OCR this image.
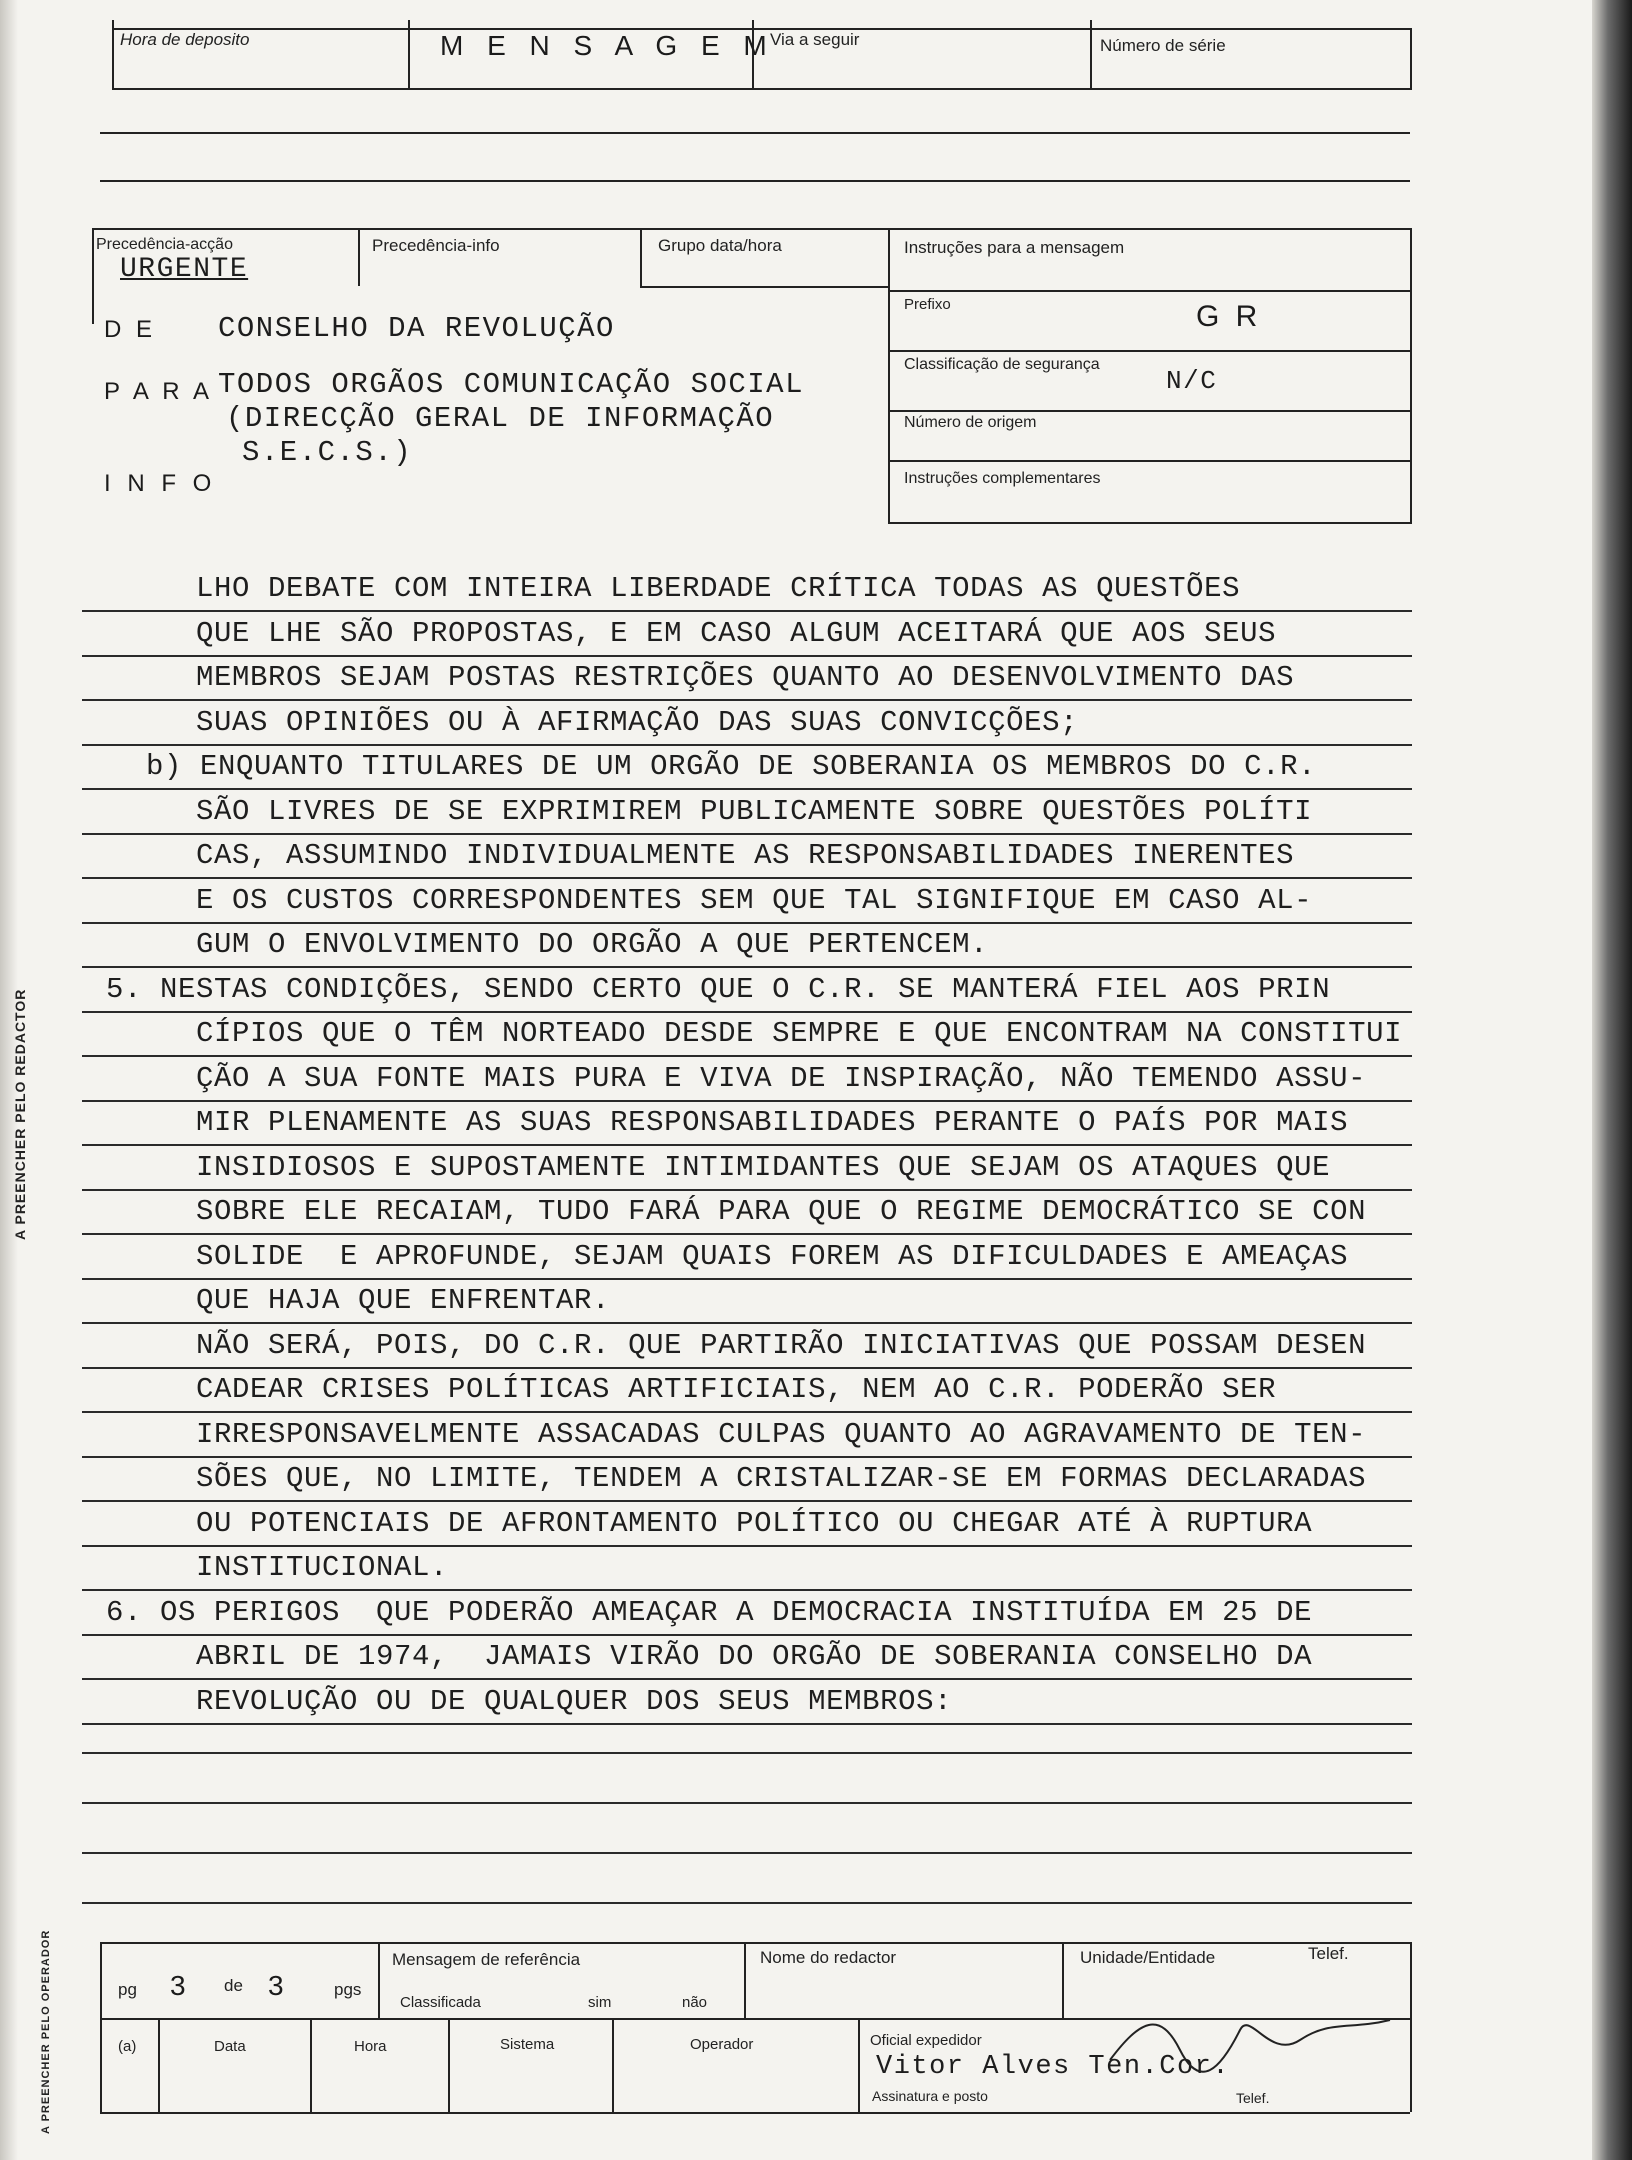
Hora de deposito	M E N S A G E M
Via a seguir	Número de série
Precedência-acção
URGENTE
Precedência-info	Grupo data/hora	Instruções para a mensagem
Prefixo	G R
Classificação de segurança
N/C
Número de origem
Instruções complementares
D E CONSELHO DA REVOLUÇÃO
P A R A TODOS ORGÃOS COMUNICAÇÃO SOCIAL
(DIRECÇÃO GERAL DE INFORMAÇÃO
S.E.C.S.)
I N F O
LHO DEBATE COM INTEIRA LIBERDADE CRÍTICA TODAS AS QUESTÕES
QUE LHE SÃO PROPOSTAS, E EM CASO ALGUM ACEITARÁ QUE AOS SEUS
MEMBROS SEJAM POSTAS RESTRIÇÕES QUANTO AO DESENVOLVIMENTO DAS
SUAS OPINIÕES OU À AFIRMAÇÃO DAS SUAS CONVICÇÕES;
b) ENQUANTO TITULARES DE UM ORGÃO DE SOBERANIA OS MEMBROS DO C.R.
SÃO LIVRES DE SE EXPRIMIREM PUBLICAMENTE SOBRE QUESTÕES POLÍTI
CAS, ASSUMINDO INDIVIDUALMENTE AS RESPONSABILIDADES INERENTES
E OS CUSTOS CORRESPONDENTES SEM QUE TAL SIGNIFIQUE EM CASO AL-
GUM O ENVOLVIMENTO DO ORGÃO A QUE PERTENCEM.
5. NESTAS CONDIÇÕES, SENDO CERTO QUE O C.R. SE MANTERÁ FIEL AOS PRIN
CÍPIOS QUE O TÊM NORTEADO DESDE SEMPRE E QUE ENCONTRAM NA CONSTITUI
ÇÃO A SUA FONTE MAIS PURA E VIVA DE INSPIRAÇÃO, NÃO TEMENDO ASSU-
MIR PLENAMENTE AS SUAS RESPONSABILIDADES PERANTE O PAÍS POR MAIS
INSIDIOSOS E SUPOSTAMENTE INTIMIDANTES QUE SEJAM OS ATAQUES QUE
SOBRE ELE RECAIAM, TUDO FARÁ PARA QUE O REGIME DEMOCRÁTICO SE CON
SOLIDE  E APROFUNDE, SEJAM QUAIS FOREM AS DIFICULDADES E AMEAÇAS
QUE HAJA QUE ENFRENTAR.
NÃO SERÁ, POIS, DO C.R. QUE PARTIRÃO INICIATIVAS QUE POSSAM DESEN
CADEAR CRISES POLÍTICAS ARTIFICIAIS, NEM AO C.R. PODERÃO SER
IRRESPONSAVELMENTE ASSACADAS CULPAS QUANTO AO AGRAVAMENTO DE TEN-
SÕES QUE, NO LIMITE, TENDEM A CRISTALIZAR-SE EM FORMAS DECLARADAS
OU POTENCIAIS DE AFRONTAMENTO POLÍTICO OU CHEGAR ATÉ À RUPTURA
INSTITUCIONAL.
6. OS PERIGOS  QUE PODERÃO AMEAÇAR A DEMOCRACIA INSTITUÍDA EM 25 DE
ABRIL DE 1974,  JAMAIS VIRÃO DO ORGÃO DE SOBERANIA CONSELHO DA
REVOLUÇÃO OU DE QUALQUER DOS SEUS MEMBROS:
pg 3 de 3	pgs
Mensagem de referência
Classificada	sim	não
Nome do redactor	Unidade/Entidade	Telef.
(a)	Data	Hora	Sistema	Operador	Oficial expedidor
Vitor Alves Ten.Cor.
Assinatura e posto	Telef.
A PREENCHER PELO REDACTOR
A PREENCHER PELO OPERADOR
